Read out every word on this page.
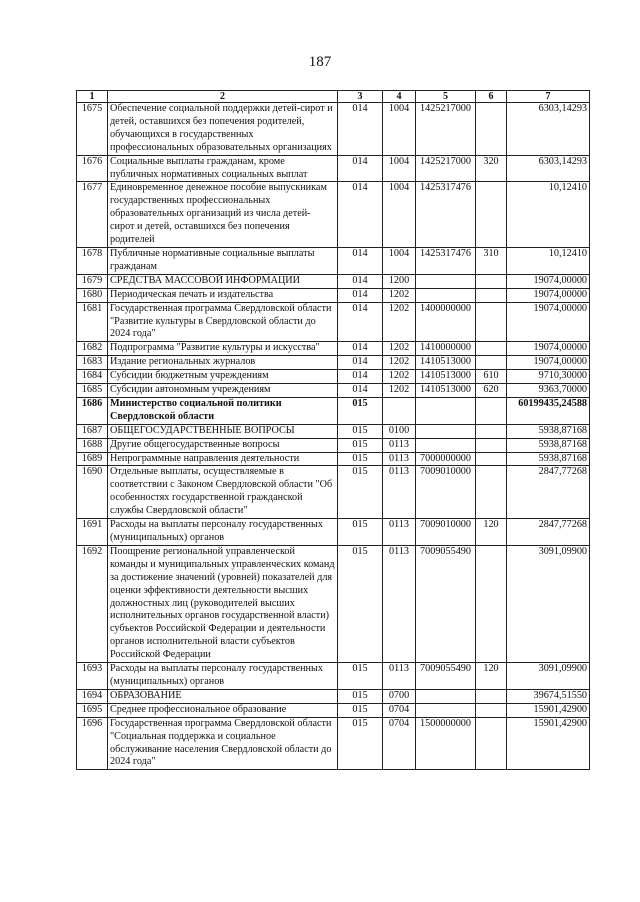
187
1	2	3	4	5	6	7
1675	Обеспечение социальной поддержки детей-сирот и детей, оставшихся без попечения родителей, обучающихся в государственных профессиональных образовательных организациях	014	1004	1425217000		6303,14293
1676	Социальные выплаты гражданам, кроме публичных нормативных социальных выплат	014	1004	1425217000	320	6303,14293
1677	Единовременное денежное пособие выпускникам государственных профессиональных образовательных организаций из числа детей-сирот и детей, оставшихся без попечения родителей	014	1004	1425317476		10,12410
1678	Публичные нормативные социальные выплаты гражданам	014	1004	1425317476	310	10,12410
1679	СРЕДСТВА МАССОВОЙ ИНФОРМАЦИИ	014	1200			19074,00000
1680	Периодическая печать и издательства	014	1202			19074,00000
1681	Государственная программа Свердловской области "Развитие культуры в Свердловской области до 2024 года"	014	1202	1400000000		19074,00000
1682	Подпрограмма "Развитие культуры и искусства"	014	1202	1410000000		19074,00000
1683	Издание региональных журналов	014	1202	1410513000		19074,00000
1684	Субсидии бюджетным учреждениям	014	1202	1410513000	610	9710,30000
1685	Субсидии автономным учреждениям	014	1202	1410513000	620	9363,70000
1686	Министерство социальной политики Свердловской области	015				60199435,24588
1687	ОБЩЕГОСУДАРСТВЕННЫЕ ВОПРОСЫ	015	0100			5938,87168
1688	Другие общегосударственные вопросы	015	0113			5938,87168
1689	Непрограммные направления деятельности	015	0113	7000000000		5938,87168
1690	Отдельные выплаты, осуществляемые в соответствии с Законом Свердловской области "Об особенностях государственной гражданской службы Свердловской области"	015	0113	7009010000		2847,77268
1691	Расходы на выплаты персоналу государственных (муниципальных) органов	015	0113	7009010000	120	2847,77268
1692	Поощрение региональной управленческой команды и муниципальных управленческих команд за достижение значений (уровней) показателей для оценки эффективности деятельности высших должностных лиц (руководителей высших исполнительных органов государственной власти) субъектов Российской Федерации и деятельности органов исполнительной власти субъектов Российской Федерации	015	0113	7009055490		3091,09900
1693	Расходы на выплаты персоналу государственных (муниципальных) органов	015	0113	7009055490	120	3091,09900
1694	ОБРАЗОВАНИЕ	015	0700			39674,51550
1695	Среднее профессиональное образование	015	0704			15901,42900
1696	Государственная программа Свердловской области "Социальная поддержка и социальное обслуживание населения Свердловской области до 2024 года"	015	0704	1500000000		15901,42900
